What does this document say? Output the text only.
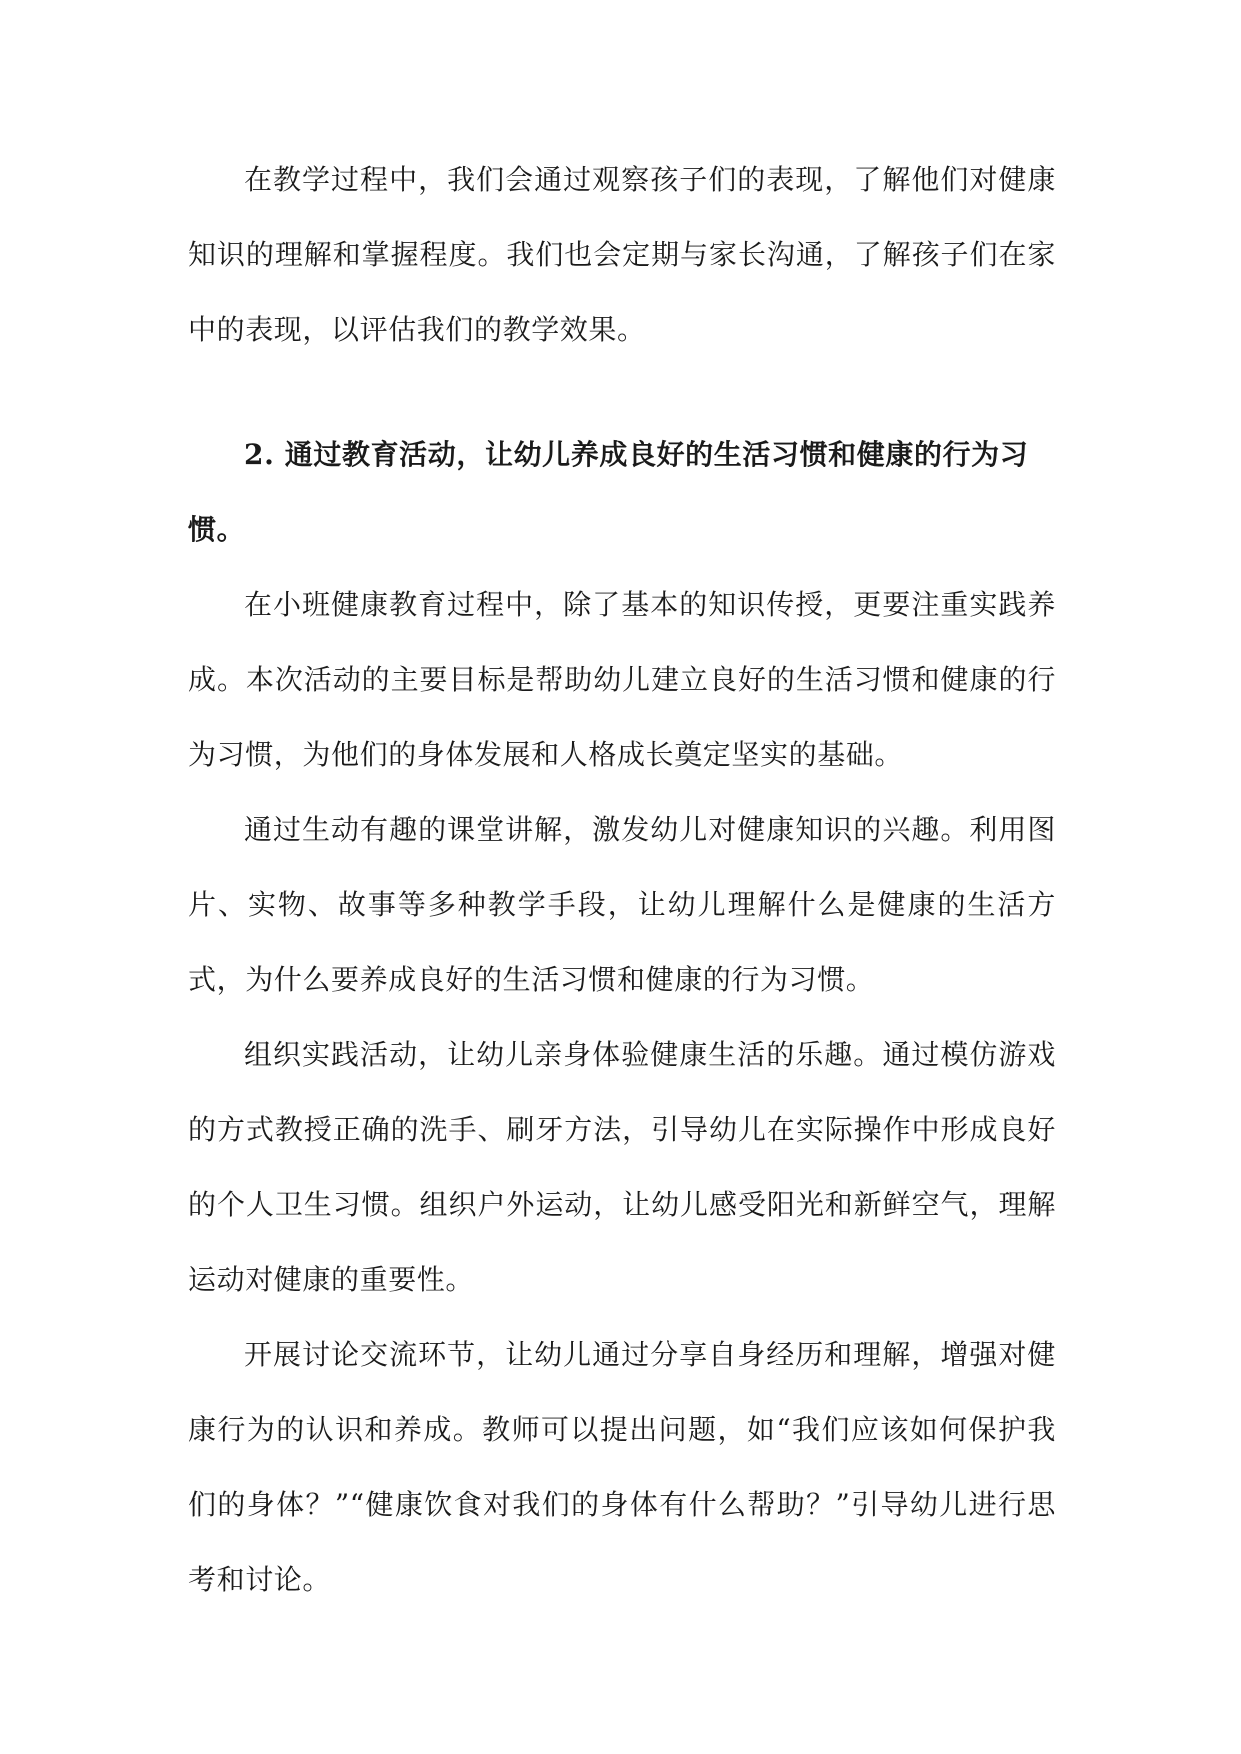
在教学过程中，我们会通过观察孩子们的表现，了解他们对健康知识的理解和掌握程度。我们也会定期与家长沟通，了解孩子们在家中的表现，以评估我们的教学效果。

2. 通过教育活动，让幼儿养成良好的生活习惯和健康的行为习惯。

在小班健康教育过程中，除了基本的知识传授，更要注重实践养成。本次活动的主要目标是帮助幼儿建立良好的生活习惯和健康的行为习惯，为他们的身体发展和人格成长奠定坚实的基础。

通过生动有趣的课堂讲解，激发幼儿对健康知识的兴趣。利用图片、实物、故事等多种教学手段，让幼儿理解什么是健康的生活方式，为什么要养成良好的生活习惯和健康的行为习惯。

组织实践活动，让幼儿亲身体验健康生活的乐趣。通过模仿游戏的方式教授正确的洗手、刷牙方法，引导幼儿在实际操作中形成良好的个人卫生习惯。组织户外运动，让幼儿感受阳光和新鲜空气，理解运动对健康的重要性。

开展讨论交流环节，让幼儿通过分享自身经历和理解，增强对健康行为的认识和养成。教师可以提出问题，如“我们应该如何保护我们的身体？”“健康饮食对我们的身体有什么帮助？”引导幼儿进行思考和讨论。
